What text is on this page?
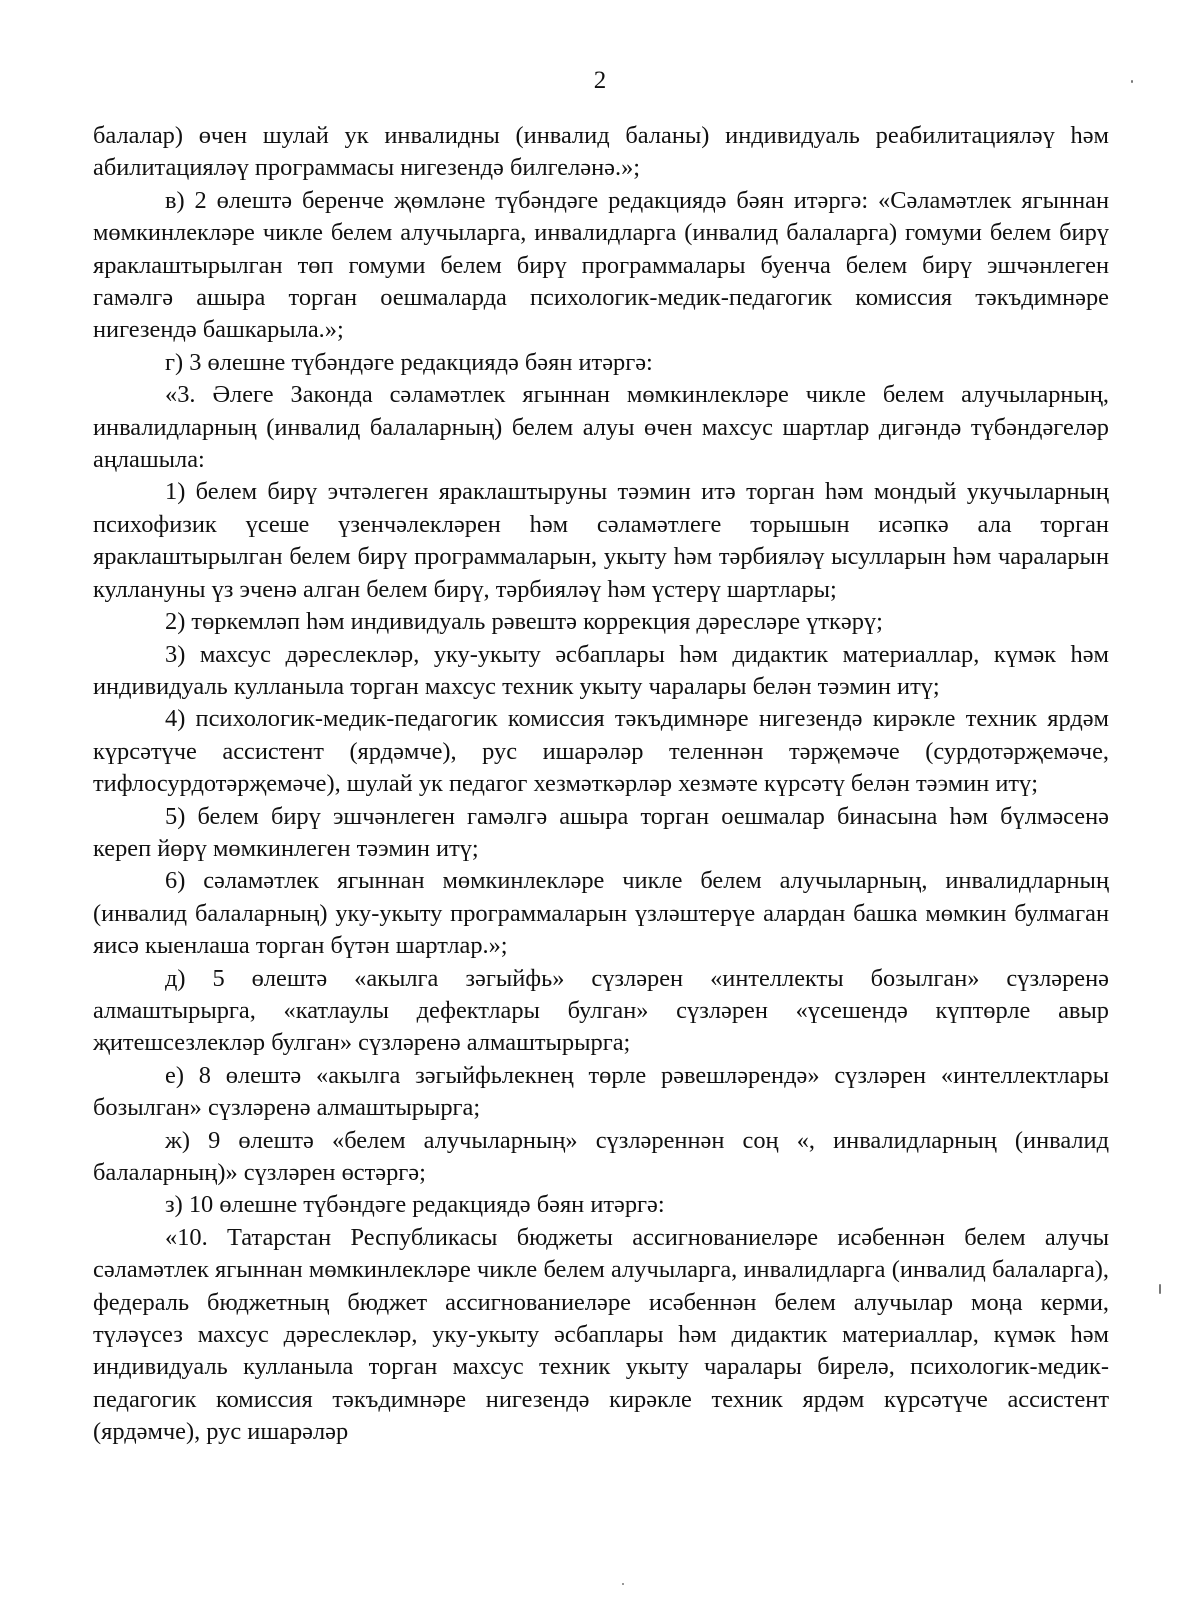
2

балалар) өчен шулай ук инвалидны (инвалид баланы) индивидуаль реабилитацияләү һәм абилитацияләү программасы нигезендә билгеләнә.»;

в) 2 өлештә беренче җөмләне түбәндәге редакциядә бәян итәргә: «Сәламәтлек ягыннан мөмкинлекләре чикле белем алучыларга, инвалидларга (инвалид балаларга) гомуми белем бирү яраклаштырылган төп гомуми белем бирү программалары буенча белем бирү эшчәнлеген гамәлгә ашыра торган оешмаларда психологик-медик-педагогик комиссия тәкъдимнәре нигезендә башкарыла.»;

г) 3 өлешне түбәндәге редакциядә бәян итәргә:

«3. Әлеге Законда сәламәтлек ягыннан мөмкинлекләре чикле белем алучыларның, инвалидларның (инвалид балаларның) белем алуы өчен махсус шартлар дигәндә түбәндәгеләр аңлашыла:

1) белем бирү эчтәлеген яраклаштыруны тәэмин итә торган һәм мондый укучыларның психофизик үсеше үзенчәлекләрен һәм сәламәтлеге торышын исәпкә ала торган яраклаштырылган белем бирү программаларын, укыту һәм тәрбияләү ысулларын һәм чараларын куллануны үз эченә алган белем бирү, тәрбияләү һәм үстерү шартлары;

2) төркемләп һәм индивидуаль рәвештә коррекция дәресләре үткәрү;

3) махсус дәреслекләр, уку-укыту әсбаплары һәм дидактик материаллар, күмәк һәм индивидуаль кулланыла торган махсус техник укыту чаралары белән тәэмин итү;

4) психологик-медик-педагогик комиссия тәкъдимнәре нигезендә кирәкле техник ярдәм күрсәтүче ассистент (ярдәмче), рус ишарәләр теленнән тәрҗемәче (сурдотәрҗемәче, тифлосурдотәрҗемәче), шулай ук педагог хезмәткәрләр хезмәте күрсәтү белән тәэмин итү;

5) белем бирү эшчәнлеген гамәлгә ашыра торган оешмалар бинасына һәм бүлмәсенә кереп йөрү мөмкинлеген тәэмин итү;

6) сәламәтлек ягыннан мөмкинлекләре чикле белем алучыларның, инвалидларның (инвалид балаларның) уку-укыту программаларын үзләштерүе алардан башка мөмкин булмаган яисә кыенлаша торган бүтән шартлар.»;

д) 5 өлештә «акылга зәгыйфь» сүзләрен «интеллекты бозылган» сүзләренә алмаштырырга, «катлаулы дефектлары булган» сүзләрен «үсешендә күптөрле авыр җитешсезлекләр булган» сүзләренә алмаштырырга;

е) 8 өлештә «акылга зәгыйфьлекнең төрле рәвешләрендә» сүзләрен «интеллектлары бозылган» сүзләренә алмаштырырга;

ж) 9 өлештә «белем алучыларның» сүзләреннән соң «, инвалидларның (инвалид балаларның)» сүзләрен өстәргә;

з) 10 өлешне түбәндәге редакциядә бәян итәргә:

«10. Татарстан Республикасы бюджеты ассигнованиеләре исәбеннән белем алучы сәламәтлек ягыннан мөмкинлекләре чикле белем алучыларга, инвалидларга (инвалид балаларга), федераль бюджетның бюджет ассигнованиеләре исәбеннән белем алучылар моңа керми, түләүсез махсус дәреслекләр, уку-укыту әсбаплары һәм дидактик материаллар, күмәк һәм индивидуаль кулланыла торган махсус техник укыту чаралары бирелә, психологик-медик-педагогик комиссия тәкъдимнәре нигезендә кирәкле техник ярдәм күрсәтүче ассистент (ярдәмче), рус ишарәләр
